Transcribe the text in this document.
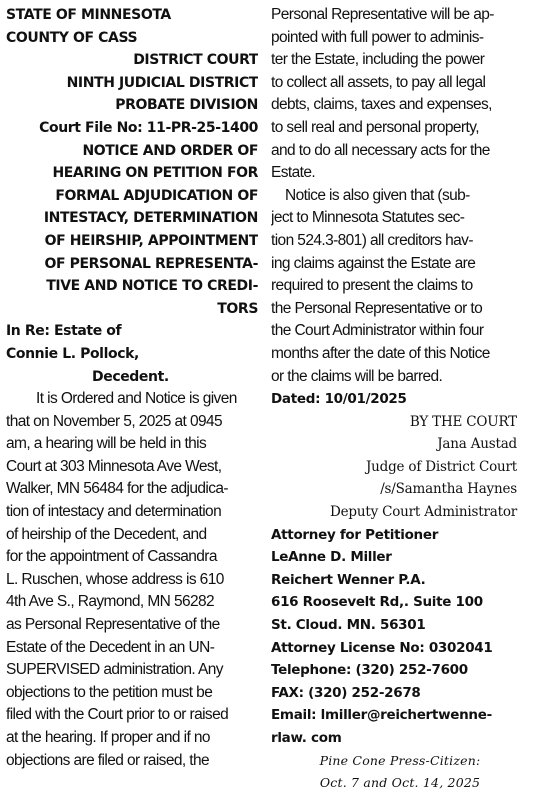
STATE OF MINNESOTA
COUNTY OF CASS
DISTRICT COURT
NINTH JUDICIAL DISTRICT
PROBATE DIVISION
Court File No: 11-PR-25-1400
NOTICE AND ORDER OF
HEARING ON PETITION FOR
FORMAL ADJUDICATION OF
INTESTACY, DETERMINATION
OF HEIRSHIP, APPOINTMENT
OF PERSONAL REPRESENTA-
TIVE AND NOTICE TO CREDI-
TORS
In Re: Estate of
Connie L. Pollock,
Decedent.
It is Ordered and Notice is given
that on November 5, 2025 at 0945
am, a hearing will be held in this
Court at 303 Minnesota Ave West,
Walker, MN 56484 for the adjudica-
tion of intestacy and determination
of heirship of the Decedent, and
for the appointment of Cassandra
L. Ruschen, whose address is 610
4th Ave S., Raymond, MN 56282
as Personal Representative of the
Estate of the Decedent in an UN-
SUPERVISED administration. Any
objections to the petition must be
filed with the Court prior to or raised
at the hearing. If proper and if no
objections are filed or raised, the
Personal Representative will be ap-
pointed with full power to adminis-
ter the Estate, including the power
to collect all assets, to pay all legal
debts, claims, taxes and expenses,
to sell real and personal property,
and to do all necessary acts for the
Estate.
Notice is also given that (sub-
ject to Minnesota Statutes sec-
tion 524.3-801) all creditors hav-
ing claims against the Estate are
required to present the claims to
the Personal Representative or to
the Court Administrator within four
months after the date of this Notice
or the claims will be barred.
Dated: 10/01/2025
BY THE COURT
Jana Austad
Judge of District Court
/s/Samantha Haynes
Deputy Court Administrator
Attorney for Petitioner
LeAnne D. Miller
Reichert Wenner P.A.
616 Roosevelt Rd,. Suite 100
St. Cloud. MN. 56301
Attorney License No: 0302041
Telephone: (320) 252-7600
FAX: (320) 252-2678
Email: lmiller@reichertwenne-
rlaw. com
Pine Cone Press-Citizen:
Oct. 7 and Oct. 14, 2025
